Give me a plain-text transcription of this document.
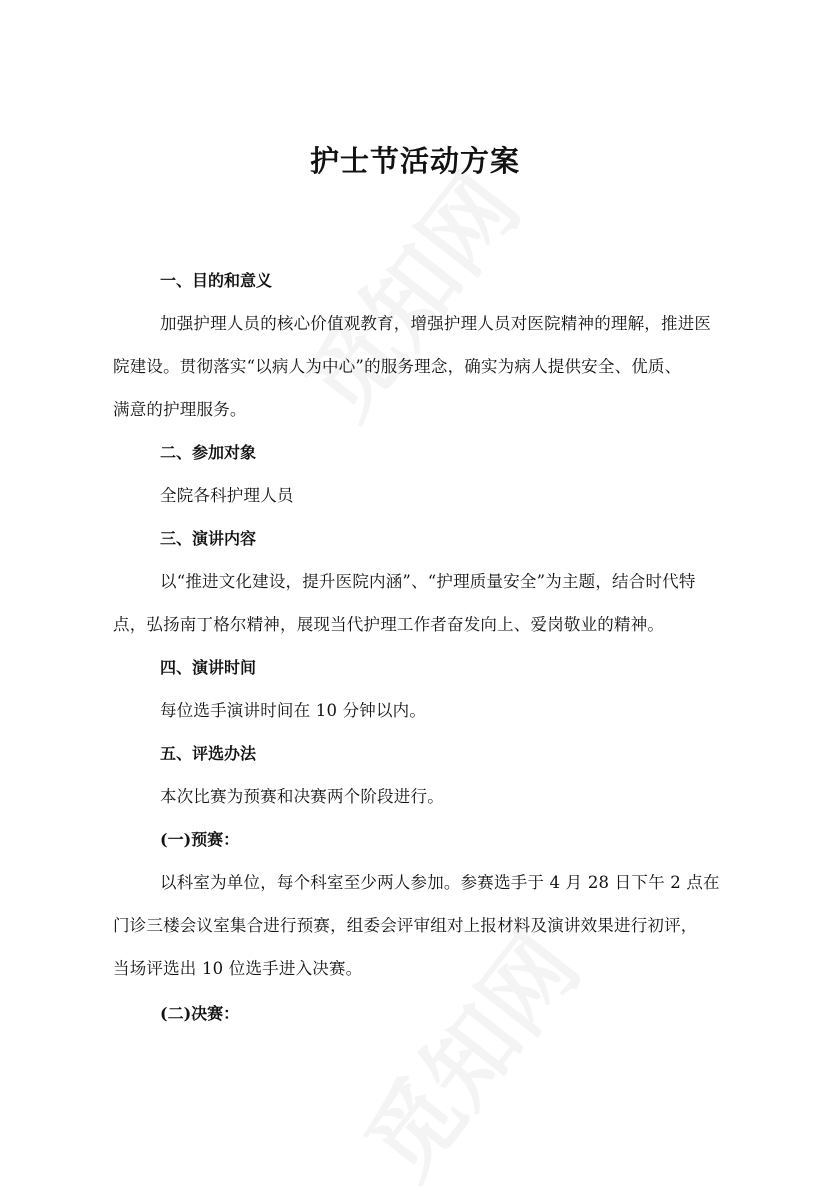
护士节活动方案
一、目的和意义
加强护理人员的核心价值观教育，增强护理人员对医院精神的理解，推进医
院建设。贯彻落实“以病人为中心”的服务理念，确实为病人提供安全、优质、
满意的护理服务。
二、参加对象
全院各科护理人员
三、演讲内容
以“推进文化建设，提升医院内涵”、“护理质量安全”为主题，结合时代特
点，弘扬南丁格尔精神，展现当代护理工作者奋发向上、爱岗敬业的精神。
四、演讲时间
每位选手演讲时间在 10 分钟以内。
五、评选办法
本次比赛为预赛和决赛两个阶段进行。
(一)预赛：
以科室为单位，每个科室至少两人参加。参赛选手于 4 月 28 日下午 2 点在
门诊三楼会议室集合进行预赛，组委会评审组对上报材料及演讲效果进行初评，
当场评选出 10 位选手进入决赛。
(二)决赛：
